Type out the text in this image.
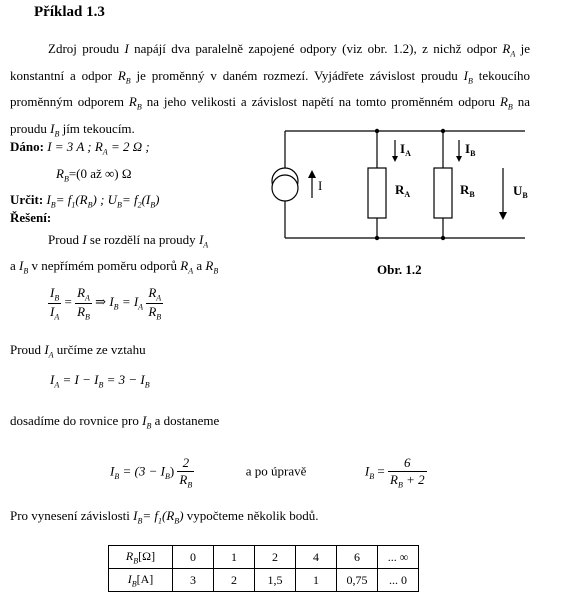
Příklad 1.3
Zdroj proudu I napájí dva paralelně zapojené odpory (viz obr. 1.2), z nichž odpor $R_A$ je konstantní a odpor $R_B$ je proměnný v daném rozmezí. Vyjádřete závislost proudu $I_B$ tekoucího proměnným odporem $R_B$ na jeho velikosti a závislost napětí na tomto proměnném odporu $R_B$ na proudu $I_B$ jím tekoucím.
Dáno: I = 3 A ; $R_A = 2$ Ω ;
$R_B=(0$ až ∞) Ω
Určit: $I_B= f_1(R_B)$ ; $U_B= f_2(I_B)$
I
$I_A$	$I_B$
$R_A$	$R_B$	$U_B$
Obr. 1.2
Řešení:
Proud I se rozdělí na proudy $I_A$
a $I_B$ v nepřímém poměru odporů $R_A$ a $R_B$
$\frac{I_B}{I_A} = \frac{R_A}{R_B}$ ⇒ $I_B = I_A \frac{R_A}{R_B}$
Proud $I_A$ určíme ze vztahu
$I_A = I - I_B = 3 - I_B$
dosadíme do rovnice pro $I_B$ a dostaneme
$I_B = (3 - I_B) \frac{2}{R_B}$	a po úpravě	$I_B = \frac{6}{R_B + 2}$
Pro vynesení závislosti $I_B= f_1(R_B)$ vypočteme několik bodů.
$R_B[\Omega]$	0	1	2	4	6	... ∞
$I_B[A]$	3	2	1,5	1	0,75	... 0
